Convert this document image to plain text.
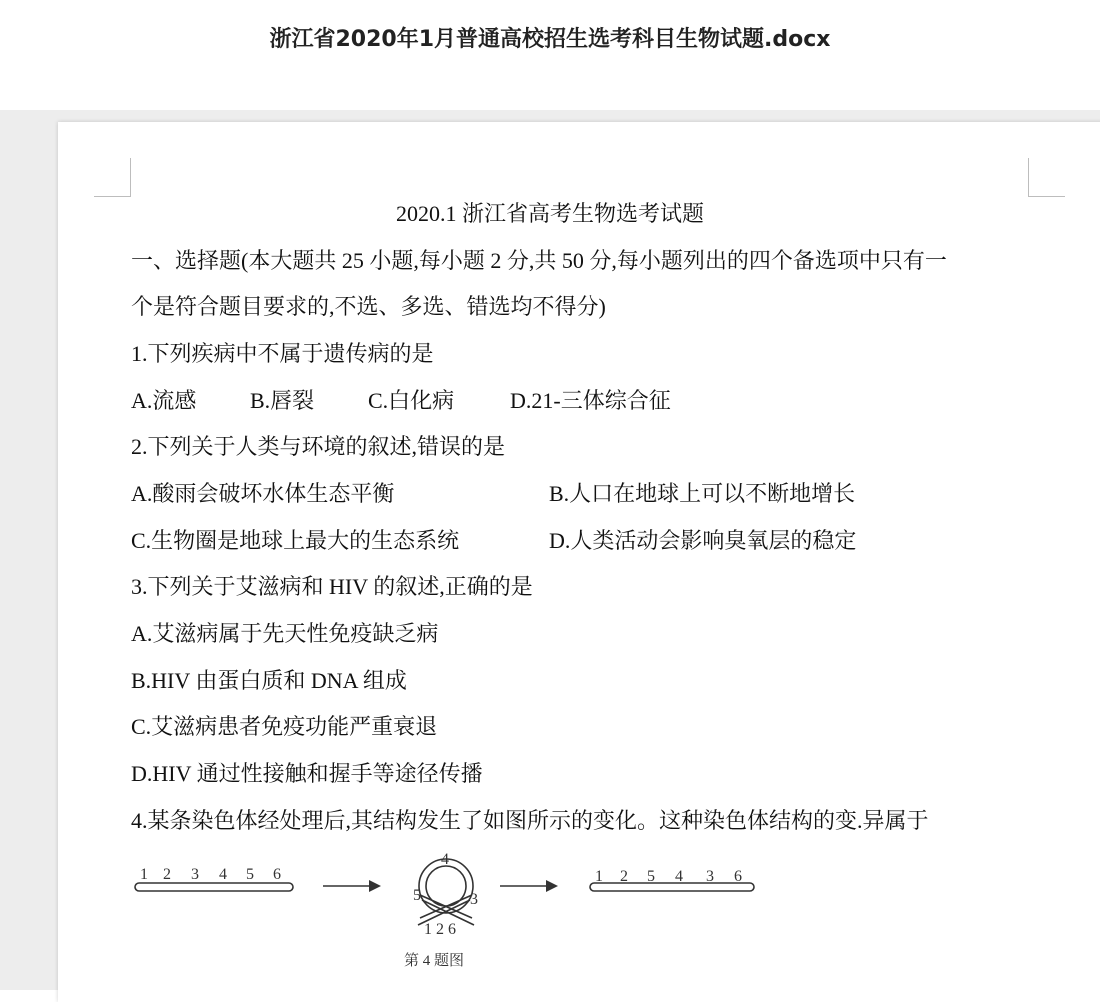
浙江省2020年1月普通高校招生选考科目生物试题.docx
2020.1 浙江省高考生物选考试题
一、选择题(本大题共 25 小题,每小题 2 分,共 50 分,每小题列出的四个备选项中只有一
个是符合题目要求的,不选、多选、错选均不得分)
1.下列疾病中不属于遗传病的是
A.流感 B.唇裂 C.白化病	D.21-三体综合征
2.下列关于人类与环境的叙述,错误的是
A.酸雨会破坏水体生态平衡	B.人口在地球上可以不断地增长
C.生物圈是地球上最大的生态系统	D.人类活动会影响臭氧层的稳定
3.下列关于艾滋病和 HIV 的叙述,正确的是
A.艾滋病属于先天性免疫缺乏病
B.HIV 由蛋白质和 DNA 组成
C.艾滋病患者免疫功能严重衰退
D.HIV 通过性接触和握手等途径传播
4.某条染色体经处理后,其结构发生了如图所示的变化。这种染色体结构的变.异属于
1 2 3 4 5 6
4
5	3
1 2 6
1 2 5 4 3 6
第 4 题图
